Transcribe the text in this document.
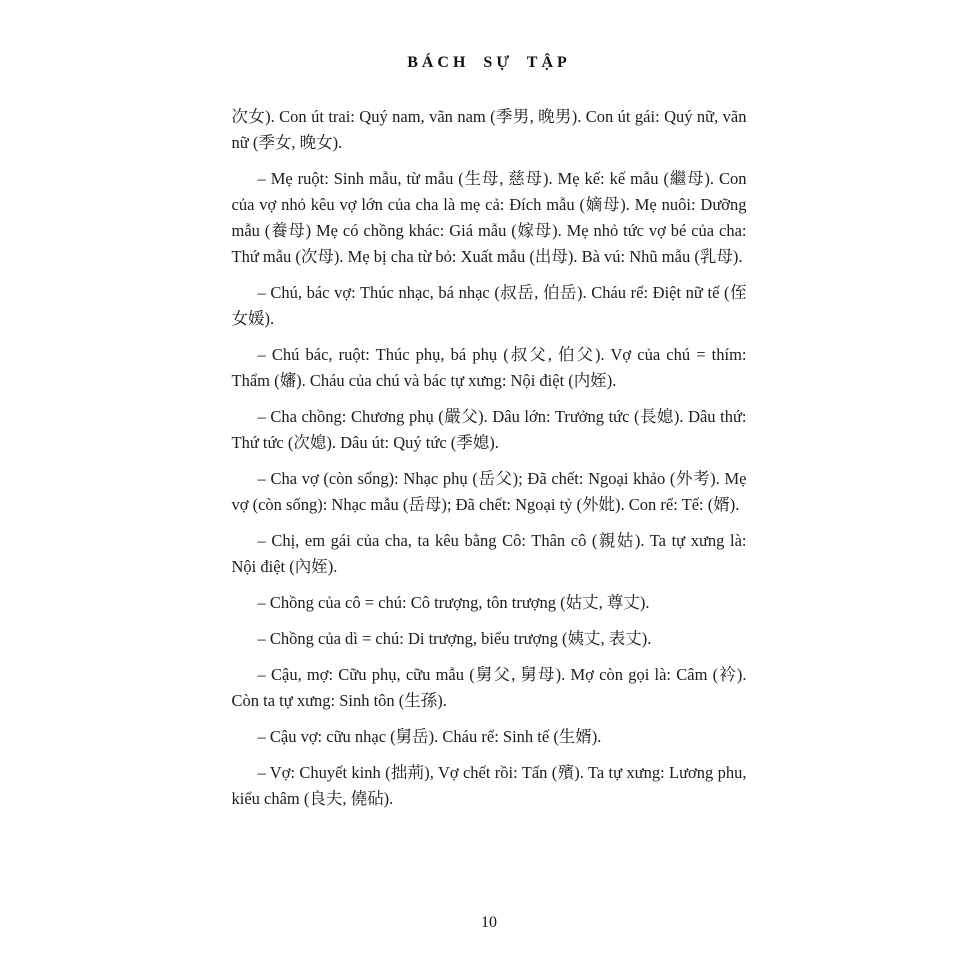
BÁCH SỰ TẬP

次女). Con út trai: Quý nam, vãn nam (季男, 晚男). Con út gái: Quý nữ, vãn nữ (季女, 晚女).

– Mẹ ruột: Sinh mẫu, từ mẫu (生母, 慈母). Mẹ kế: kế mẫu (繼母). Con của vợ nhỏ kêu vợ lớn của cha là mẹ cả: Đích mẫu (嫡母). Mẹ nuôi: Dưỡng mẫu (養母) Mẹ có chồng khác: Giá mẫu (嫁母). Mẹ nhỏ tức vợ bé của cha: Thứ mẫu (次母). Mẹ bị cha từ bỏ: Xuất mẫu (出母). Bà vú: Nhũ mẫu (乳母).

– Chú, bác vợ: Thúc nhạc, bá nhạc (叔岳, 伯岳). Cháu rể: Điệt nữ tế (侄女媛).

– Chú bác, ruột: Thúc phụ, bá phụ (叔父, 伯父). Vợ của chú = thím: Thẩm (嬸). Cháu của chú và bác tự xưng: Nội điệt (内姪).

– Cha chồng: Chương phụ (嚴父). Dâu lớn: Trưởng tức (長媳). Dâu thứ: Thứ tức (次媳). Dâu út: Quý tức (季媳).

– Cha vợ (còn sống): Nhạc phụ (岳父); Đã chết: Ngoại khảo (外考). Mẹ vợ (còn sống): Nhạc mẫu (岳母); Đã chết: Ngoại tỷ (外妣). Con rể: Tế: (婿).

– Chị, em gái của cha, ta kêu bằng Cô: Thân cô (親姑). Ta tự xưng là: Nội điệt (內姪).

– Chồng của cô = chú: Cô trượng, tôn trượng (姑丈, 尊丈).

– Chồng của dì = chú: Di trượng, biểu trượng (姨丈, 表丈).

– Cậu, mợ: Cữu phụ, cữu mẫu (舅父, 舅母). Mợ còn gọi là: Câm (衿). Còn ta tự xưng: Sinh tôn (生孫).

– Cậu vợ: cữu nhạc (舅岳). Cháu rể: Sinh tế (生婿).

– Vợ: Chuyết kinh (拙荊), Vợ chết rồi: Tấn (殯). Ta tự xưng: Lương phu, kiểu châm (良夫, 僥砧).

10
